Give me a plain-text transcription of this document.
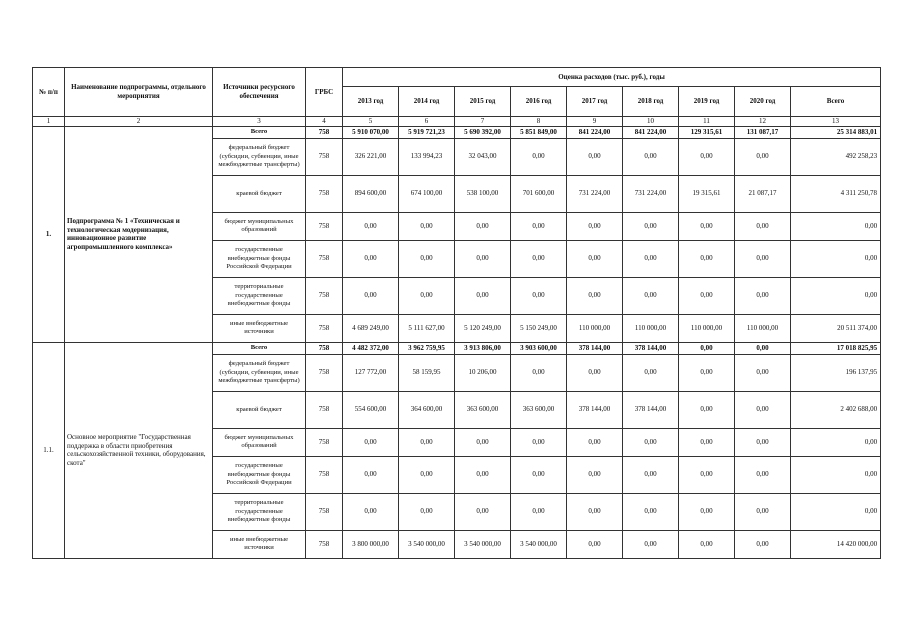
№ п/п	Наименование подпрограммы, отдельного мероприятия	Источники ресурсного обеспечения	ГРБС	Оценка расходов (тыс. руб.), годы								
				2013 год	2014 год	2015 год	2016 год	2017 год	2018 год	2019 год	2020 год	Всего
1	2	3	4	5	6	7	8	9	10	11	12	13
1.	Подпрограмма № 1 «Техническая и технологическая модернизация, инновационное развитие агропромышленного комплекса»	Всего	758	5 910 070,00	5 919 721,23	5 690 392,00	5 851 849,00	841 224,00	841 224,00	129 315,61	131 087,17	25 314 883,01
		федеральный бюджет (субсидии, субвенции, иные межбюджетные трансферты)	758	326 221,00	133 994,23	32 043,00	0,00	0,00	0,00	0,00	0,00	492 258,23
		краевой бюджет	758	894 600,00	674 100,00	538 100,00	701 600,00	731 224,00	731 224,00	19 315,61	21 087,17	4 311 250,78
		бюджет муниципальных образований	758	0,00	0,00	0,00	0,00	0,00	0,00	0,00	0,00	0,00
		государственные внебюджетные фонды Российской Федерации	758	0,00	0,00	0,00	0,00	0,00	0,00	0,00	0,00	0,00
		территориальные государственные внебюджетные фонды	758	0,00	0,00	0,00	0,00	0,00	0,00	0,00	0,00	0,00
		иные внебюджетные источники	758	4 689 249,00	5 111 627,00	5 120 249,00	5 150 249,00	110 000,00	110 000,00	110 000,00	110 000,00	20 511 374,00
1.1.	Основное мероприятие "Государственная поддержка в области приобретения сельскохозяйственной техники, оборудования, скота"	Всего	758	4 482 372,00	3 962 759,95	3 913 806,00	3 903 600,00	378 144,00	378 144,00	0,00	0,00	17 018 825,95
		федеральный бюджет (субсидии, субвенции, иные межбюджетные трансферты)	758	127 772,00	58 159,95	10 206,00	0,00	0,00	0,00	0,00	0,00	196 137,95
		краевой бюджет	758	554 600,00	364 600,00	363 600,00	363 600,00	378 144,00	378 144,00	0,00	0,00	2 402 688,00
		бюджет муниципальных образований	758	0,00	0,00	0,00	0,00	0,00	0,00	0,00	0,00	0,00
		государственные внебюджетные фонды Российской Федерации	758	0,00	0,00	0,00	0,00	0,00	0,00	0,00	0,00	0,00
		территориальные государственные внебюджетные фонды	758	0,00	0,00	0,00	0,00	0,00	0,00	0,00	0,00	0,00
		иные внебюджетные источники	758	3 800 000,00	3 540 000,00	3 540 000,00	3 540 000,00	0,00	0,00	0,00	0,00	14 420 000,00
